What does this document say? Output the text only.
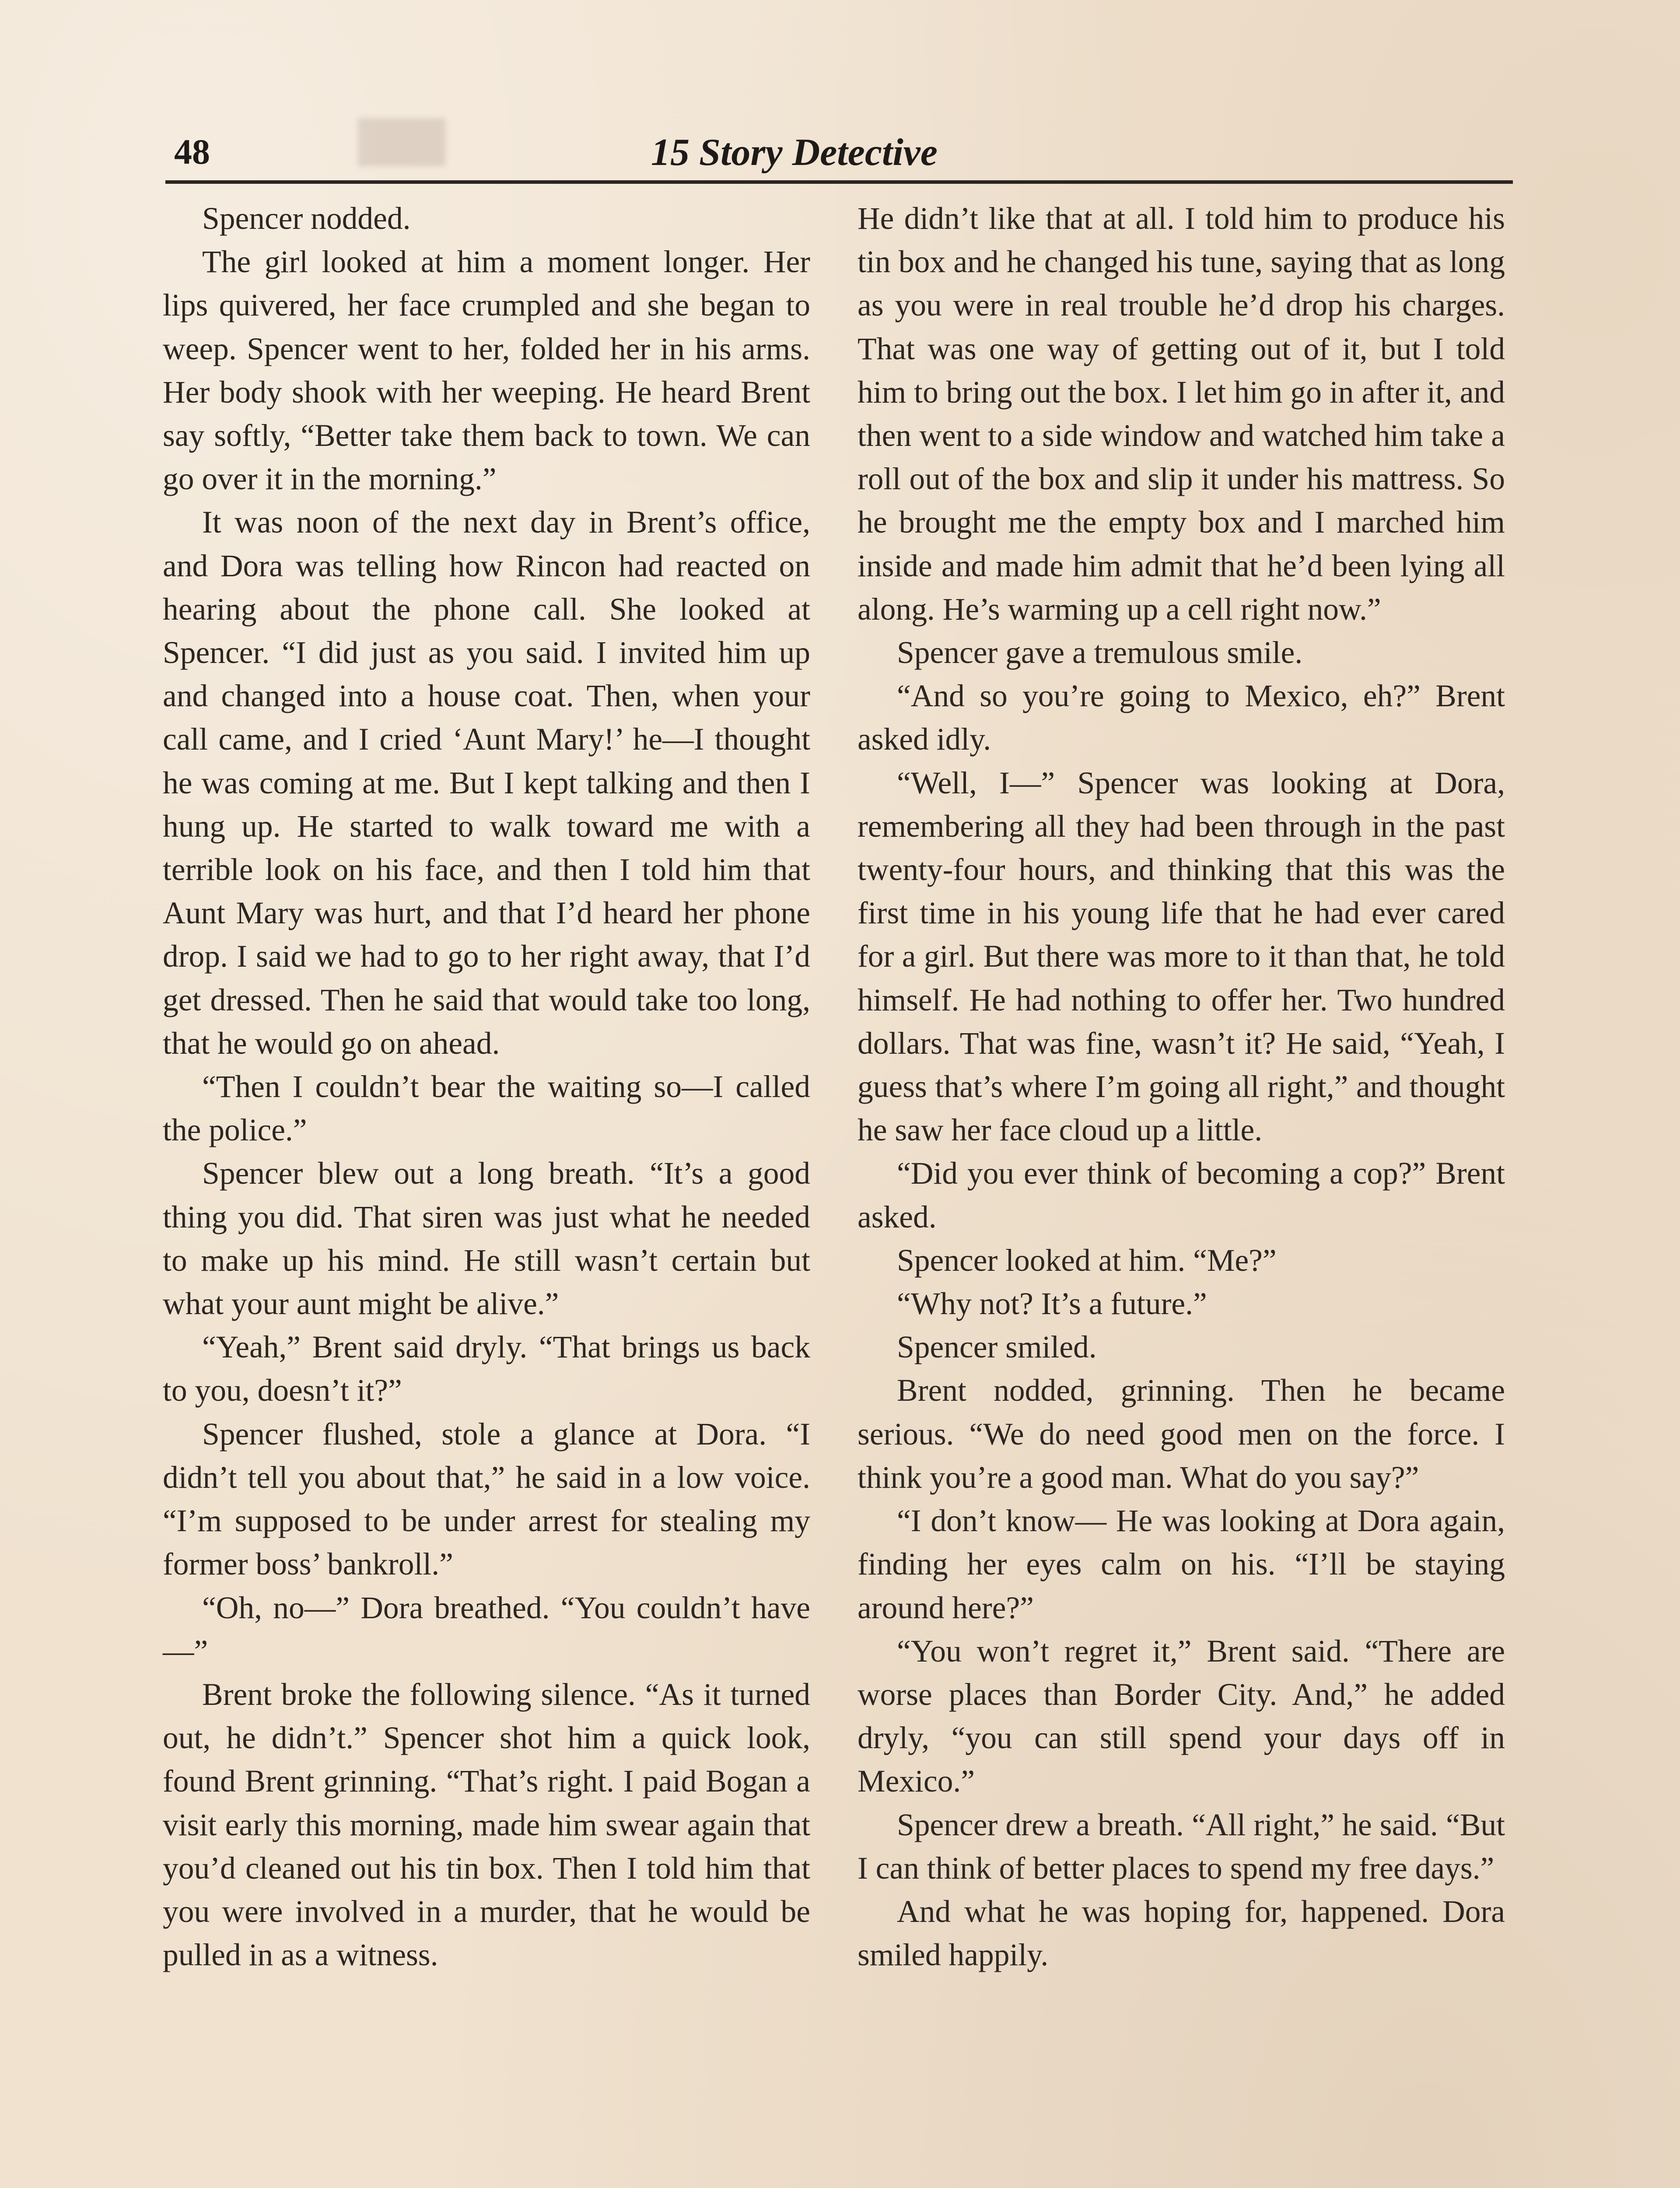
48	15 Story Detective

Spencer nodded.

The girl looked at him a moment longer. Her lips quivered, her face crumpled and she began to weep. Spencer went to her, folded her in his arms. Her body shook with her weeping. He heard Brent say softly, “Better take them back to town. We can go over it in the morning.”

It was noon of the next day in Brent’s office, and Dora was telling how Rincon had reacted on hearing about the phone call. She looked at Spencer. “I did just as you said. I invited him up and changed into a house coat. Then, when your call came, and I cried ‘Aunt Mary!’ he—I thought he was coming at me. But I kept talking and then I hung up. He started to walk toward me with a terrible look on his face, and then I told him that Aunt Mary was hurt, and that I’d heard her phone drop. I said we had to go to her right away, that I’d get dressed. Then he said that would take too long, that he would go on ahead.

“Then I couldn’t bear the waiting so—I called the police.”

Spencer blew out a long breath. “It’s a good thing you did. That siren was just what he needed to make up his mind. He still wasn’t certain but what your aunt might be alive.”

“Yeah,” Brent said dryly. “That brings us back to you, doesn’t it?”

Spencer flushed, stole a glance at Dora. “I didn’t tell you about that,” he said in a low voice. “I’m supposed to be under arrest for stealing my former boss’ bankroll.”

“Oh, no—” Dora breathed. “You couldn’t have—”

Brent broke the following silence. “As it turned out, he didn’t.” Spencer shot him a quick look, found Brent grinning. “That’s right. I paid Bogan a visit early this morning, made him swear again that you’d cleaned out his tin box. Then I told him that you were involved in a murder, that he would be pulled in as a witness.

He didn’t like that at all. I told him to produce his tin box and he changed his tune, saying that as long as you were in real trouble he’d drop his charges. That was one way of getting out of it, but I told him to bring out the box. I let him go in after it, and then went to a side window and watched him take a roll out of the box and slip it under his mattress. So he brought me the empty box and I marched him inside and made him admit that he’d been lying all along. He’s warming up a cell right now.”

Spencer gave a tremulous smile.

“And so you’re going to Mexico, eh?” Brent asked idly.

“Well, I—” Spencer was looking at Dora, remembering all they had been through in the past twenty-four hours, and thinking that this was the first time in his young life that he had ever cared for a girl. But there was more to it than that, he told himself. He had nothing to offer her. Two hundred dollars. That was fine, wasn’t it? He said, “Yeah, I guess that’s where I’m going all right,” and thought he saw her face cloud up a little.

“Did you ever think of becoming a cop?” Brent asked.

Spencer looked at him. “Me?”

“Why not? It’s a future.”

Spencer smiled.

Brent nodded, grinning. Then he became serious. “We do need good men on the force. I think you’re a good man. What do you say?”

“I don’t know— He was looking at Dora again, finding her eyes calm on his. “I’ll be staying around here?”

“You won’t regret it,” Brent said. “There are worse places than Border City. And,” he added dryly, “you can still spend your days off in Mexico.”

Spencer drew a breath. “All right,” he said. “But I can think of better places to spend my free days.”

And what he was hoping for, happened. Dora smiled happily.
